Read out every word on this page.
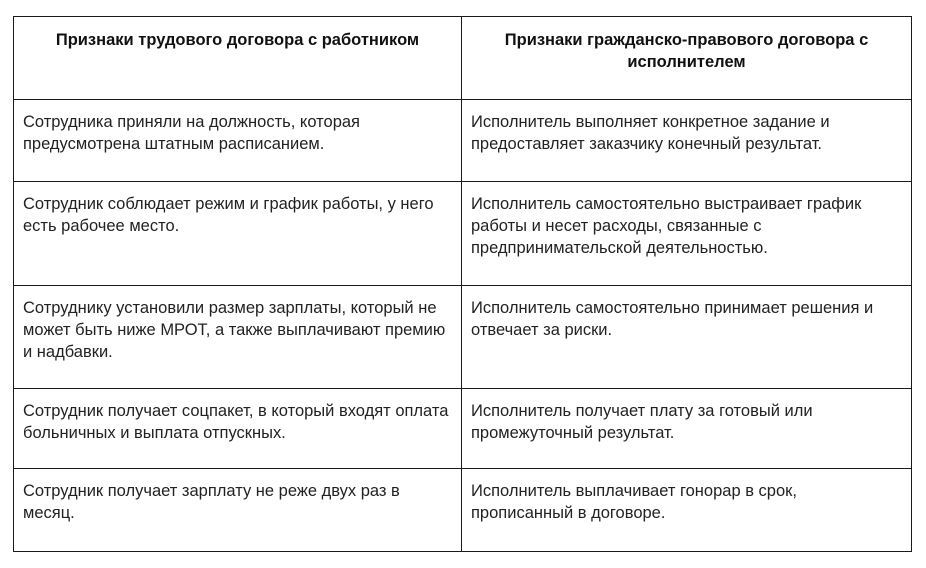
Признаки трудового договора с работником	Признаки гражданско-правового договора с исполнителем
Сотрудника приняли на должность, которая предусмотрена штатным расписанием.	Исполнитель выполняет конкретное задание и предоставляет заказчику конечный результат.
Сотрудник соблюдает режим и график работы, у него есть рабочее место.	Исполнитель самостоятельно выстраивает график работы и несет расходы, связанные с предпринимательской деятельностью.
Сотруднику установили размер зарплаты, который не может быть ниже МРОТ, а также выплачивают премию и надбавки.	Исполнитель самостоятельно принимает решения и отвечает за риски.
Сотрудник получает соцпакет, в который входят оплата больничных и выплата отпускных.	Исполнитель получает плату за готовый или промежуточный результат.
Сотрудник получает зарплату не реже двух раз в месяц.	Исполнитель выплачивает гонорар в срок, прописанный в договоре.
